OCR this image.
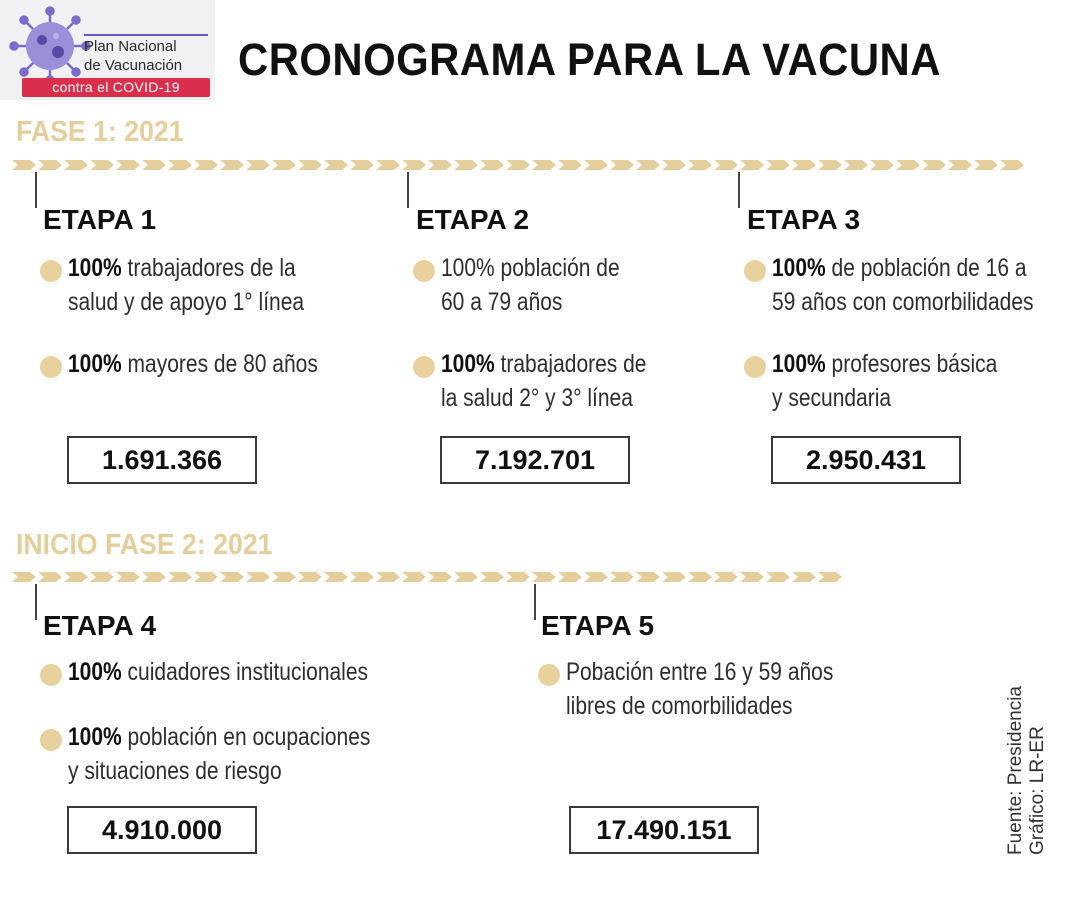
Plan Nacional
de Vacunación
contra el COVID-19
CRONOGRAMA PARA LA VACUNA
FASE 1: 2021
ETAPA 1
100% trabajadores de la
salud y de apoyo 1° línea
100% mayores de 80 años
1.691.366
ETAPA 2
100% población de
60 a 79 años
100% trabajadores de
la salud 2° y 3° línea
7.192.701
ETAPA 3
100% de población de 16 a
59 años con comorbilidades
100% profesores básica
y secundaria
2.950.431
INICIO FASE 2: 2021
ETAPA 4
100% cuidadores institucionales
100% población en ocupaciones
y situaciones de riesgo
4.910.000
ETAPA 5
Pobación entre 16 y 59 años
libres de comorbilidades
17.490.151	Fuente: Presidencia Gráfico: LR-ER
